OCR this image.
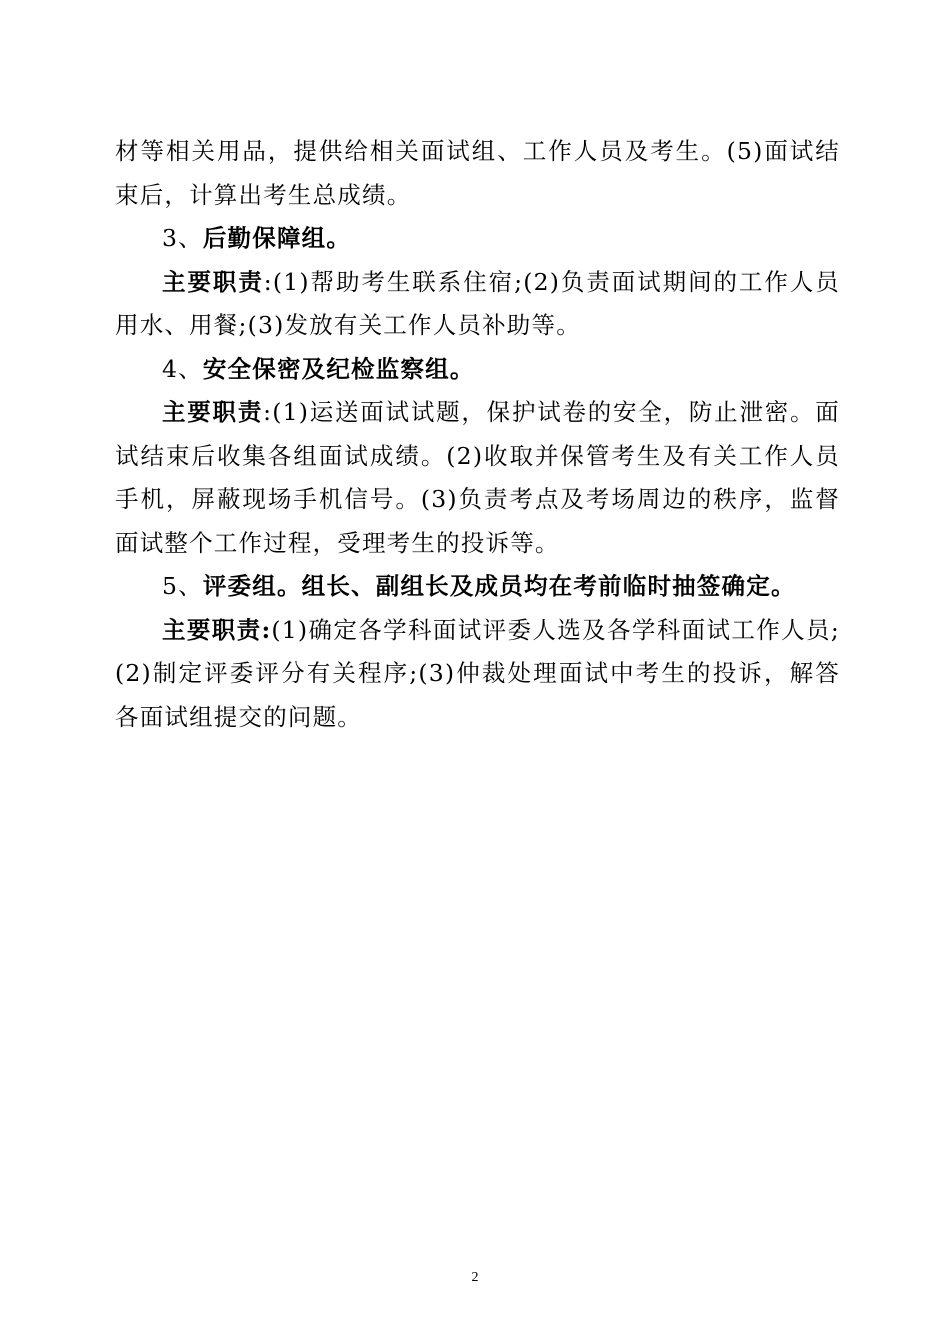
材等相关用品，提供给相关面试组、工作人员及考生。(5)面试结束后，计算出考生总成绩。

3、后勤保障组。

主要职责:(1)帮助考生联系住宿;(2)负责面试期间的工作人员用水、用餐;(3)发放有关工作人员补助等。

4、安全保密及纪检监察组。

主要职责:(1)运送面试试题，保护试卷的安全，防止泄密。面试结束后收集各组面试成绩。(2)收取并保管考生及有关工作人员手机，屏蔽现场手机信号。(3)负责考点及考场周边的秩序，监督面试整个工作过程，受理考生的投诉等。

5、评委组。组长、副组长及成员均在考前临时抽签确定。

主要职责:(1)确定各学科面试评委人选及各学科面试工作人员;(2)制定评委评分有关程序;(3)仲裁处理面试中考生的投诉，解答各面试组提交的问题。

2
